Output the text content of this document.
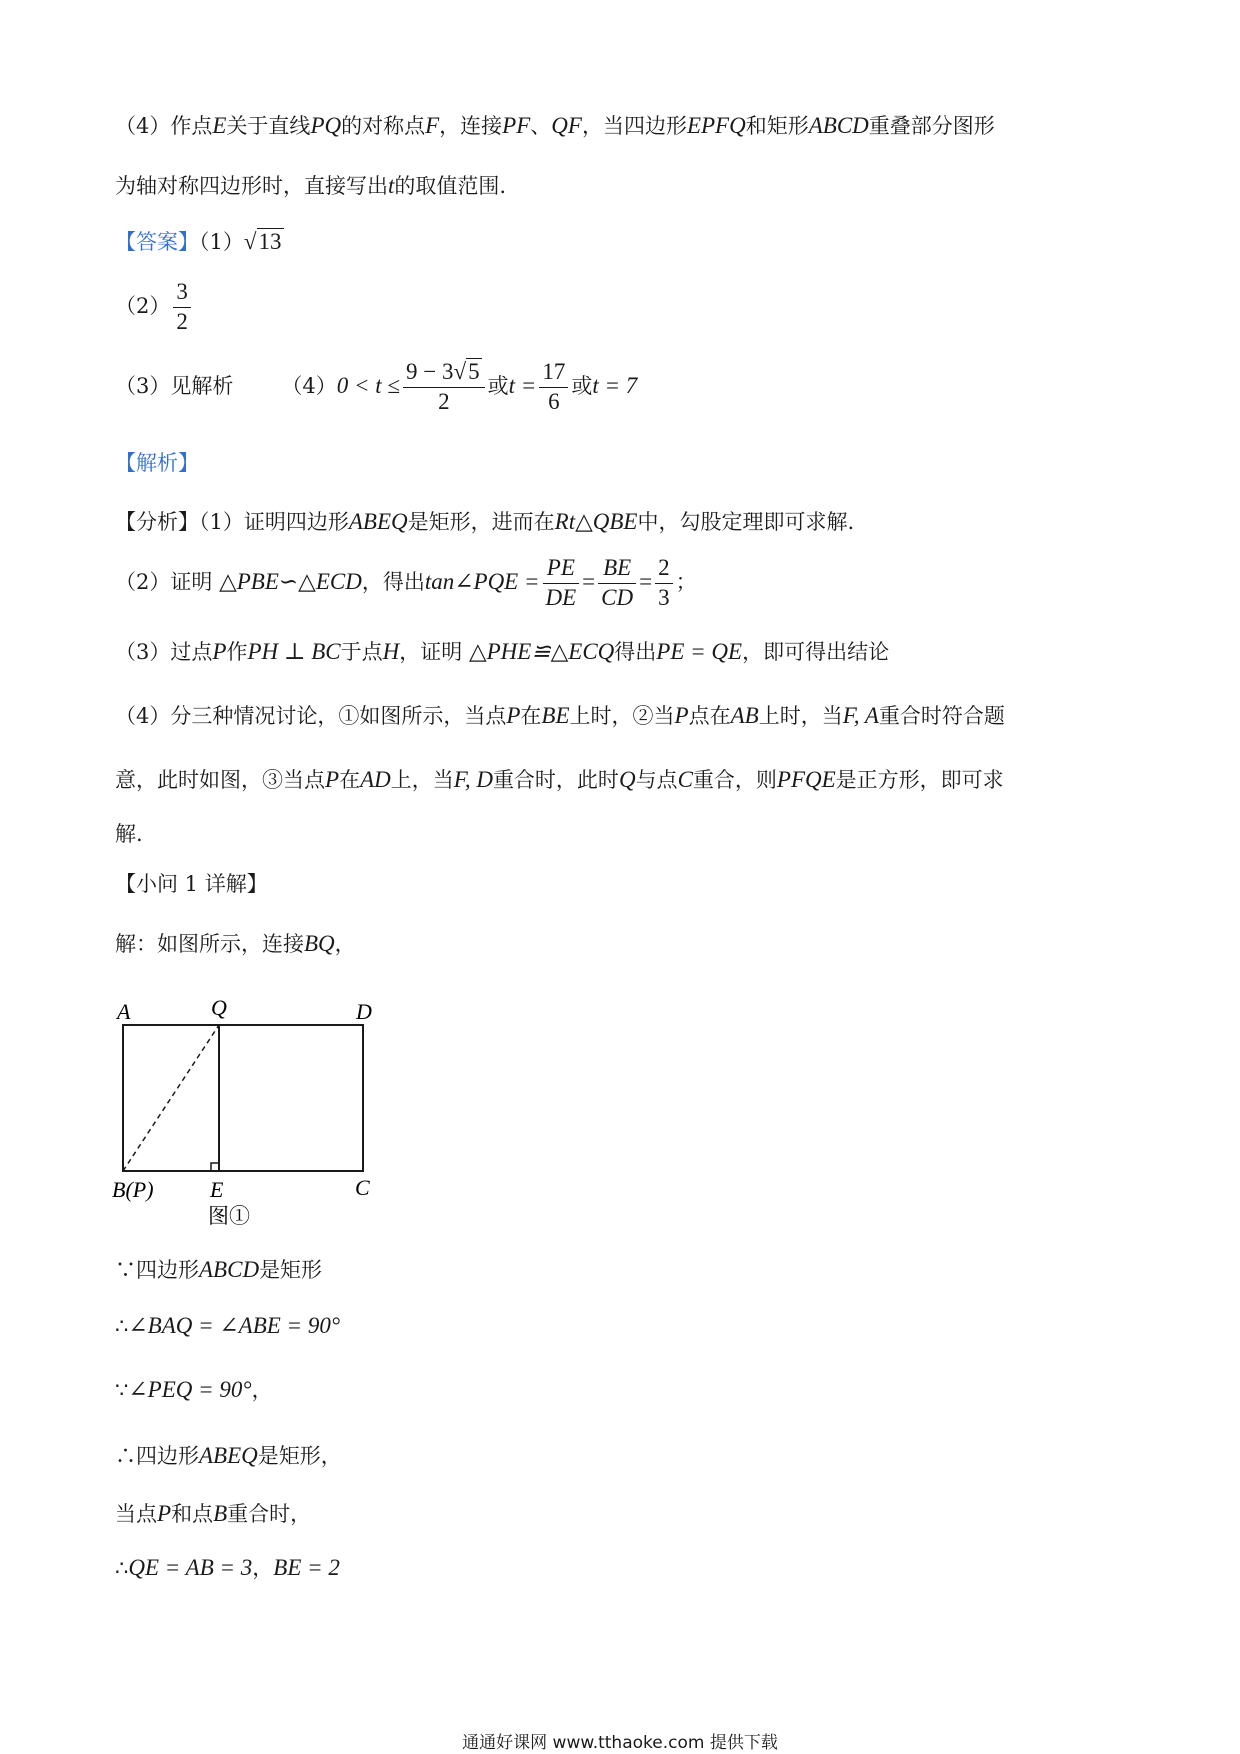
（4）作点E关于直线PQ的对称点F，连接PF、QF，当四边形EPFQ和矩形ABCD重叠部分图形
为轴对称四边形时，直接写出t的取值范围.
【答案】（1）√13
$(2) \frac{3}{2}$
（3）见解析 $(4)0 < t \le \frac{9 - 3√5}{2}$ 或$t = \frac{17}{6}$ 或t = 7
【解析】
【分析】（1）证明四边形ABEQ是矩形，进而在Rt△QBE中，勾股定理即可求解.
（2）证明 △PBE∽△ECD，得出tan∠PQE = $\frac{PE}{DE} = \frac{BE}{CD} = \frac{2}{3}$ ；
（3）过点P作PH ⊥ BC于点H，证明 △PHE≌△ECQ得出PE = QE，即可得出结论
（4）分三种情况讨论，①如图所示，当点P在BE上时，②当P点在AB上时，当F, A重合时符合题
意，此时如图，③当点P在AD上，当F, D重合时，此时Q与点C重合，则PFQE是正方形，即可求
解.
【小问 1 详解】
解：如图所示，连接BQ，
A	Q	D
B(P)	E	C
图①
∵四边形ABCD是矩形
∴∠BAQ = ∠ABE = 90°
∵∠PEQ = 90°，
∴四边形ABEQ是矩形，
当点P和点B重合时，
∴QE = AB = 3，BE = 2
通通好课网 www.tthaoke.com 提供下载
